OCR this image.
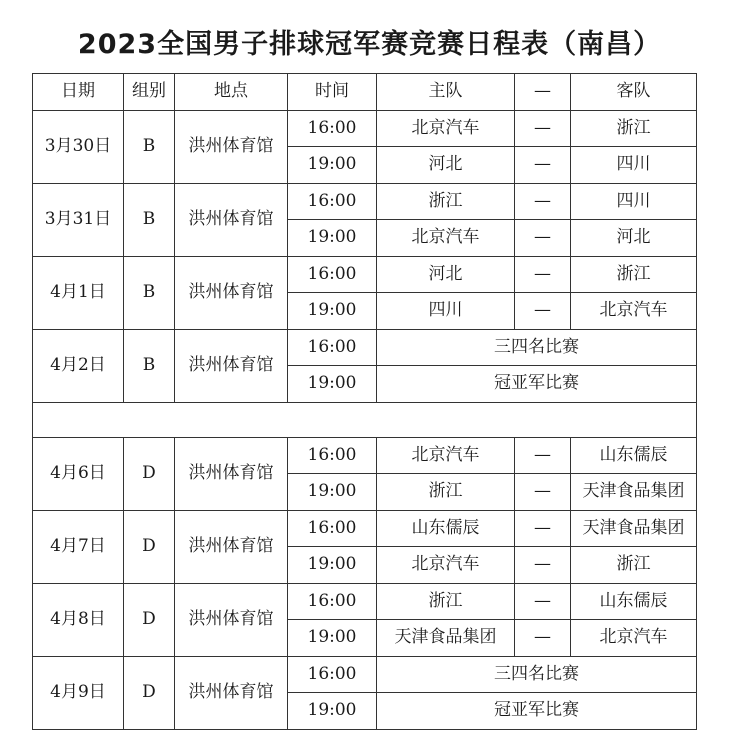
2023全国男子排球冠军赛竞赛日程表（南昌）
日期	组别	地点	时间	主队	—	客队
3月30日	B	洪州体育馆	16:00	北京汽车	—	浙江
			19:00	河北	—	四川
3月31日	B	洪州体育馆	16:00	浙江	—	四川
			19:00	北京汽车	—	河北
4月1日	B	洪州体育馆	16:00	河北	—	浙江
			19:00	四川	—	北京汽车
4月2日	B	洪州体育馆	16:00	三四名比赛		
			19:00	冠亚军比赛		

4月6日	D	洪州体育馆	16:00	北京汽车	—	山东儒辰
			19:00	浙江	—	天津食品集团
4月7日	D	洪州体育馆	16:00	山东儒辰	—	天津食品集团
			19:00	北京汽车	—	浙江
4月8日	D	洪州体育馆	16:00	浙江	—	山东儒辰
			19:00	天津食品集团	—	北京汽车
4月9日	D	洪州体育馆	16:00	三四名比赛		
			19:00	冠亚军比赛		
